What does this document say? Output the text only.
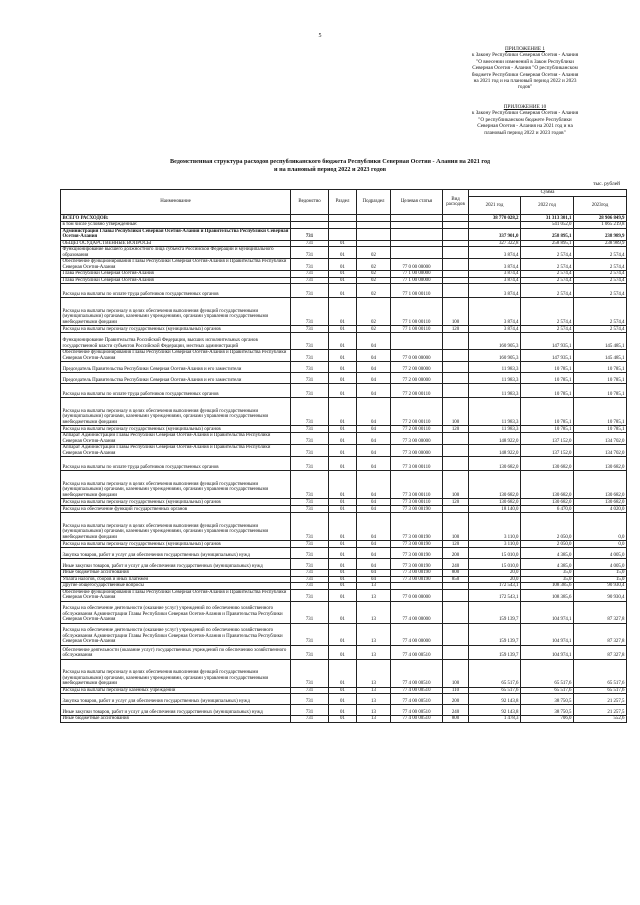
5
ПРИЛОЖЕНИЕ 1
к Закону Республики Северная Осетия - Алания
"О внесении изменений в Закон Республики
Северная Осетия - Алания "О республиканском
бюджете Республики Северная Осетия - Алания
на 2021 год и на плановый период 2022 и 2023
годов"
ПРИЛОЖЕНИЕ 10
к Закону Республики Северная Осетия - Алания
"О республиканском бюджете Республики
Северная Осетия - Алания на 2021 год и на
плановый период 2022 и 2023 годов"
Ведомственная структура расходов республиканского бюджета Республики Северная Осетия - Алания на 2021 год
и на плановый период 2022 и 2023 годов
тыс. рублей
Наименование	Ведомство	Раздел	Подраздел	Целевая статья	Вид расходов	Сумма		
						2021 год	2022 год	2023год
ВСЕГО РАСХОДОВ:						38 770 028,2	31 313 301,1	28 906 849,9
в том числе условно утвержденные:							541 052,0	1 065 219,8
Администрация Главы Республики Северная Осетия-Алания и Правительства Республики Северная Осетия-Алания	731					337 901,0	258 895,1	238 989,9
ОБЩЕГОСУДАРСТВЕННЫЕ ВОПРОСЫ	731	01				327 322,8	258 895,1	238 989,9
Функционирование высшего должностного лица субъекта Российской Федерации и муниципального образования	731	01	02			3 874,4	2 574,4	2 574,4
Обеспечение функционирования Главы Республики Северная Осетия-Алания и Правительства Республики Северная Осетия-Алания	731	01	02	77 0 00 00000		3 874,4	2 574,4	2 574,4
Глава Республики Северная Осетия-Алания	731	01	02	77 1 00 00000		3 874,4	2 574,4	2 574,4
Глава Республики Северная Осетия-Алания	731	01	02	77 1 00 00000		3 874,4	2 574,4	2 574,4
Расходы на выплаты по оплате труда работников государственных органов	731	01	02	77 1 00 00110		3 874,4	2 574,4	2 574,4
Расходы на выплаты персоналу в целях обеспечения выполнения функций государственными (муниципальными) органами, казенными учреждениями, органами управления государственными внебюджетными фондами	731	01	02	77 1 00 00110	100	3 874,4	2 574,4	2 574,4
Расходы на выплаты персоналу государственных (муниципальных) органов	731	01	02	77 1 00 00110	120	3 874,4	2 574,4	2 574,4
Функционирование Правительства Российской Федерации, высших исполнительных органов государственной власти субъектов Российской Федерации, местных администраций	731	01	04			160 905,3	147 935,1	145 485,1
Обеспечение функционирования Главы Республики Северная Осетия-Алания и Правительства Республики Северная Осетия-Алания	731	01	04	77 0 00 00000		160 905,3	147 935,1	145 485,1
Председатель Правительства Республики Северная Осетия-Алания и его заместители	731	01	04	77 2 00 00000		11 983,3	10 785,1	10 785,1
Председатель Правительства Республики Северная Осетия-Алания и его заместители	731	01	04	77 2 00 00000		11 983,3	10 785,1	10 785,1
Расходы на выплаты по оплате труда работников государственных органов	731	01	04	77 2 00 00110		11 983,3	10 785,1	10 785,1
Расходы на выплаты персоналу в целях обеспечения выполнения функций государственными (муниципальными) органами, казенными учреждениями, органами управления государственными внебюджетными фондами	731	01	04	77 2 00 00110	100	11 983,3	10 785,1	10 785,1
Расходы на выплаты персоналу государственных (муниципальных) органов	731	01	04	77 2 00 00110	120	11 983,3	10 785,1	10 785,1
Аппарат Администрации Главы Республики Северная Осетия-Алания и Правительства Республики Северная Осетия-Алания	731	01	04	77 3 00 00000		148 922,0	137 152,0	134 702,0
Аппарат Администрации Главы Республики Северная Осетия-Алания и Правительства Республики Северная Осетия-Алания	731	01	04	77 3 00 00000		148 922,0	137 152,0	134 702,0
Расходы на выплаты по оплате труда работников государственных органов	731	01	04	77 3 00 00110		130 682,0	130 682,0	130 682,0
Расходы на выплаты персоналу в целях обеспечения выполнения функций государственными (муниципальными) органами, казенными учреждениями, органами управления государственными внебюджетными фондами	731	01	04	77 3 00 00110	100	130 682,0	130 682,0	130 682,0
Расходы на выплаты персоналу государственных (муниципальных) органов	731	01	04	77 3 00 00110	120	130 682,0	130 682,0	130 682,0
Расходы на обеспечение функций государственных органов	731	01	04	77 3 00 00190		18 140,0	6 470,0	4 020,0
Расходы на выплаты персоналу в целях обеспечения выполнения функций государственными (муниципальными) органами, казенными учреждениями, органами управления государственными внебюджетными фондами	731	01	04	77 3 00 00190	100	3 110,0	2 050,0	0,0
Расходы на выплаты персоналу государственных (муниципальных) органов	731	01	04	77 3 00 00190	120	3 110,0	2 050,0	0,0
Закупка товаров, работ и услуг для обеспечения государственных (муниципальных) нужд	731	01	04	77 3 00 00190	200	15 010,0	4 385,0	4 005,0
Иные закупки товаров, работ и услуг для обеспечения государственных (муниципальных) нужд	731	01	04	77 3 00 00190	240	15 010,0	4 385,0	4 005,0
Иные бюджетные ассигнования	731	01	04	77 3 00 00190	800	20,0	35,0	15,0
Уплата налогов, сборов и иных платежей	731	01	04	77 3 00 00190	850	20,0	35,0	15,0
Другие общегосударственные вопросы	731	01	13			172 543,1	108 385,6	90 930,4
Обеспечение функционирования Главы Республики Северная Осетия-Алания и Правительства Республики Северная Осетия-Алания	731	01	13	77 0 00 00000		172 543,1	108 385,6	90 930,4
Расходы на обеспечение деятельности (оказание услуг) учреждений по обеспечению хозяйственного обслуживания Администрации Главы Республики Северная Осетия-Алания и Правительства Республики Северная Осетия-Алания	731	01	13	77 4 00 00000		159 139,7	104 974,1	87 327,8
Расходы на обеспечение деятельности (оказание услуг) учреждений по обеспечению хозяйственного обслуживания Администрации Главы Республики Северная Осетия-Алания и Правительства Республики Северная Осетия-Алания	731	01	13	77 4 00 00000		159 139,7	104 974,1	87 327,8
Обеспечение деятельности (оказание услуг) государственных учреждений по обеспечению хозяйственного обслуживания	731	01	13	77 4 00 00510		159 139,7	104 974,1	87 327,8
Расходы на выплаты персоналу в целях обеспечения выполнения функций государственными (муниципальными) органами, казенными учреждениями, органами управления государственными внебюджетными фондами	731	01	13	77 4 00 00510	100	65 517,6	65 517,6	65 517,6
Расходы на выплаты персоналу казенных учреждений	731	01	13	77 4 00 00510	110	65 517,6	65 517,6	65 517,6
Закупка товаров, работ и услуг для обеспечения государственных (муниципальных) нужд	731	01	13	77 4 00 00510	200	92 143,8	38 750,5	21 257,5
Иные закупки товаров, работ и услуг для обеспечения государственных (муниципальных) нужд	731	01	13	77 4 00 00510	240	92 143,8	38 750,5	21 257,5
Иные бюджетные ассигнования	731	01	13	77 4 00 00510	800	1 478,3	706,0	552,6
